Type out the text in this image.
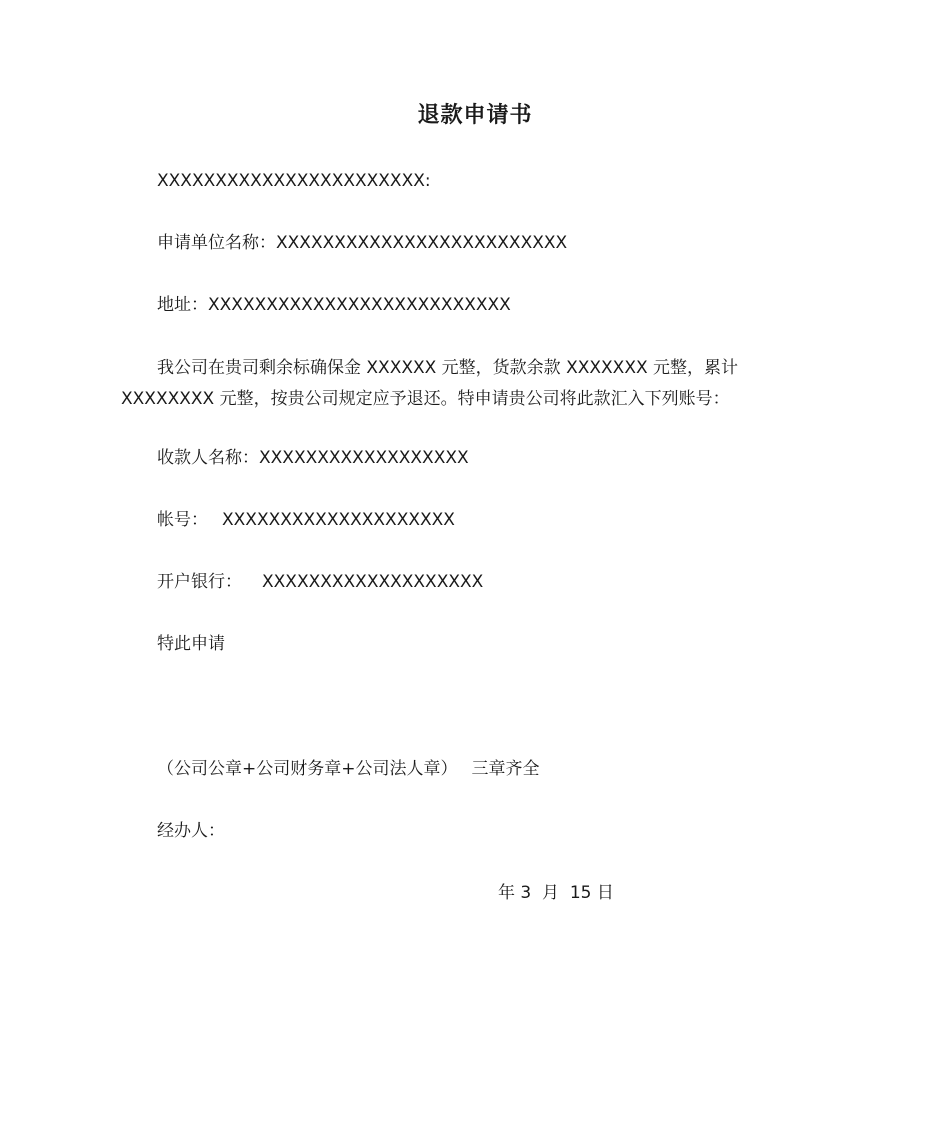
退款申请书
XXXXXXXXXXXXXXXXXXXXXXX:
申请单位名称：XXXXXXXXXXXXXXXXXXXXXXXXX
地址：XXXXXXXXXXXXXXXXXXXXXXXXXX
我公司在贵司剩余标确保金 XXXXXX 元整，货款余款 XXXXXXX 元整，累计 XXXXXXXX 元整，按贵公司规定应予退还。特申请贵公司将此款汇入下列账号：
收款人名称：XXXXXXXXXXXXXXXXXX
帐号： XXXXXXXXXXXXXXXXXXXX
开户银行： XXXXXXXXXXXXXXXXXXX
特此申请
（公司公章+公司财务章+公司法人章） 三章齐全
经办人：
年 3  月  15 日
